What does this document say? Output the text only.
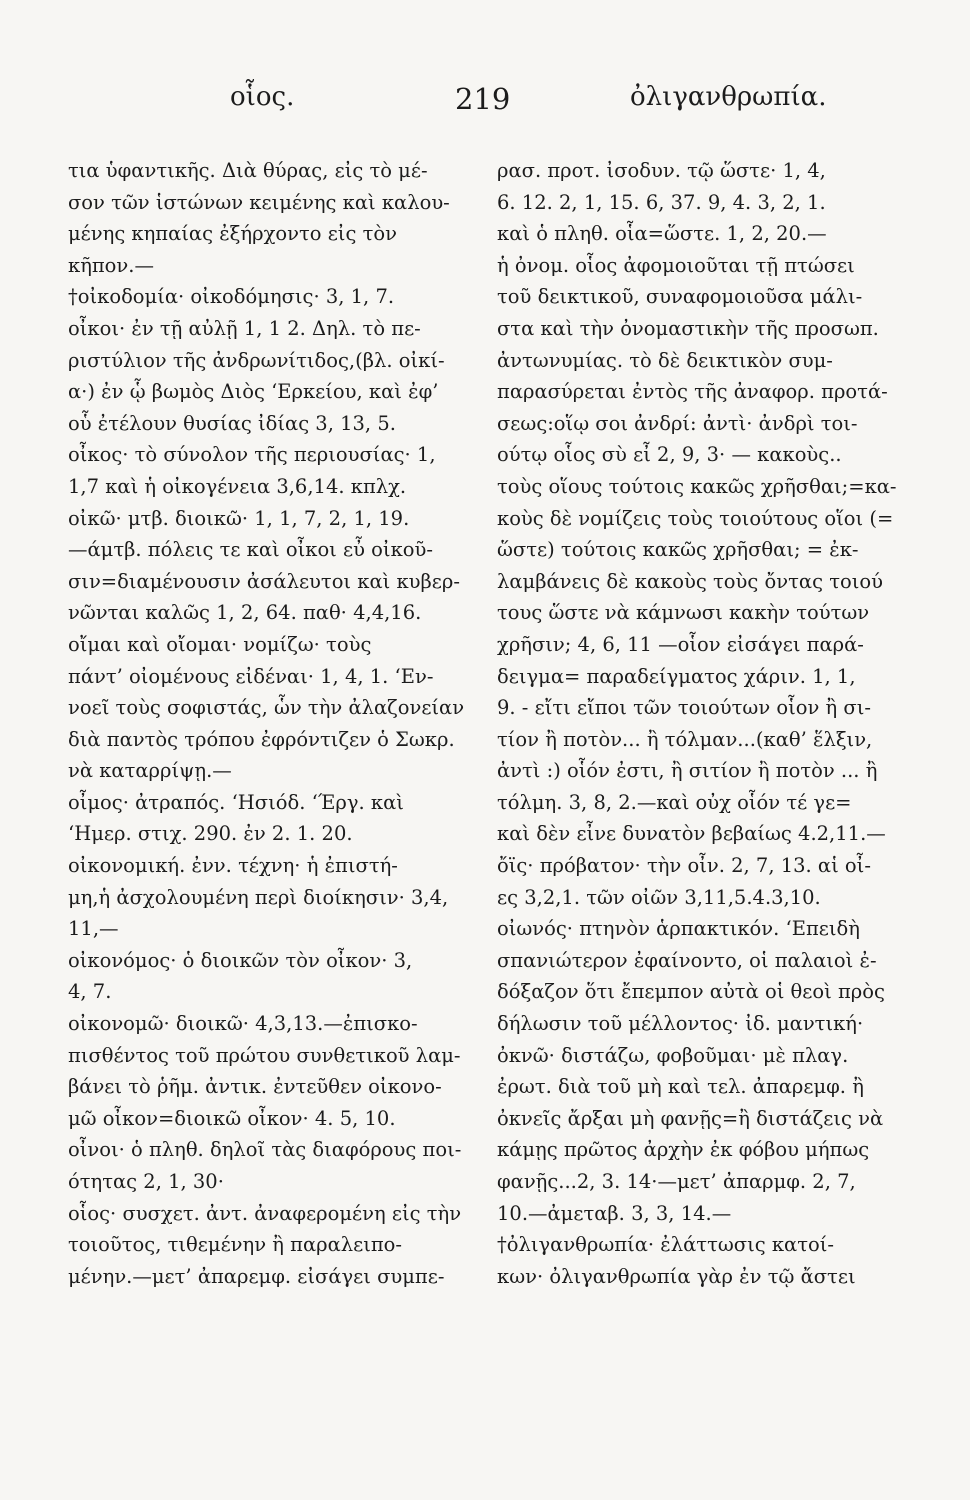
οἷος.	219	ὀλιγανθρωπία.
τια ὑφαντικῆς. Διὰ θύρας, εἰς τὸ μέ-
σον τῶν ἱστώνων κειμένης καὶ καλου-
μένης κηπαίας ἐξήρχοντο εἰς τὸν
κῆπον.—
†οἰκοδομία· οἰκοδόμησις· 3, 1, 7.
οἶκοι· ἐν τῇ αὐλῇ 1, 1 2. Δηλ. τὸ πε-
ριστύλιον τῆς ἀνδρωνίτιδος,(βλ. οἰκί-
α·) ἐν ᾧ βωμὸς Διὸς ‘Ερκείου, καὶ ἐφ’
οὗ ἐτέλουν θυσίας ἰδίας 3, 13, 5.
οἶκος· τὸ σύνολον τῆς περιουσίας· 1,
1,7 καὶ ἡ οἰκογένεια 3,6,14. κπλχ.
οἰκῶ· μτβ. διοικῶ· 1, 1, 7, 2, 1, 19.
—άμτβ. πόλεις τε καὶ οἶκοι εὖ οἰκοῦ-
σιν=διαμένουσιν ἀσάλευτοι καὶ κυβερ-
νῶνται καλῶς 1, 2, 64. παθ· 4,4,16.
οἴμαι καὶ οἴομαι· νομίζω· τοὺς
πάντ’ οἰομένους εἰδέναι· 1, 4, 1. ‘Εν-
νοεῖ τοὺς σοφιστάς, ὧν τὴν ἀλαζονείαν
διὰ παντὸς τρόπου ἐφρόντιζεν ὁ Σωκρ.
νὰ καταρρίψῃ.—
οἶμος· ἀτραπός. ‘Ησιόδ. ‘Έργ. καὶ
‘Ημερ. στιχ. 290. ἐν 2. 1. 20.
οἰκονομική. ἐνν. τέχνη· ἡ ἐπιστή-
μη,ἡ ἀσχολουμένη περὶ διοίκησιν· 3,4,
11,—
οἰκονόμος· ὁ διοικῶν τὸν οἶκον· 3,
4, 7.
οἰκονομῶ· διοικῶ· 4,3,13.—ἐπισκο-
πισθέντος τοῦ πρώτου συνθετικοῦ λαμ-
βάνει τὸ ῥῆμ. ἀντικ. ἐντεῦθεν οἰκονο-
μῶ οἶκον=διοικῶ οἶκον· 4. 5, 10.
οἶνοι· ὁ πληθ. δηλοῖ τὰς διαφόρους ποι-
ότητας 2, 1, 30·
οἷος· συσχετ. ἀντ. ἀναφερομένη εἰς τὴν
τοιοῦτος, τιθεμένην ἢ παραλειπο-
μένην.—μετ’ ἀπαρεμφ. εἰσάγει συμπε-
ρασ. προτ. ἰσοδυν. τῷ ὥστε· 1, 4,
6. 12. 2, 1, 15. 6, 37. 9, 4. 3, 2, 1.
καὶ ὁ πληθ. οἷα=ὥστε. 1, 2, 20.—
ἡ ὀνομ. οἷος ἀφομοιοῦται τῇ πτώσει
τοῦ δεικτικοῦ, συναφομοιοῦσα μάλι-
στα καὶ τὴν ὀνομαστικὴν τῆς προσωπ.
ἀντωνυμίας. τὸ δὲ δεικτικὸν συμ-
παρασύρεται ἐντὸς τῆς ἀναφορ. προτά-
σεως:οἵῳ σοι ἀνδρί: ἀντὶ· ἀνδρὶ τοι-
ούτῳ οἷος σὺ εἶ 2, 9, 3· — κακοὺς..
τοὺς οἵους τούτοις κακῶς χρῆσθαι;=κα-
κοὺς δὲ νομίζεις τοὺς τοιούτους οἵοι (=
ὥστε) τούτοις κακῶς χρῆσθαι; = ἐκ-
λαμβάνεις δὲ κακοὺς τοὺς ὄντας τοιού
τους ὥστε νὰ κάμνωσι κακὴν τούτων
χρῆσιν; 4, 6, 11 —οἷον εἰσάγει παρά-
δειγμα= παραδείγματος χάριν. 1, 1,
9. - εἴτι εἴποι τῶν τοιούτων οἷον ἢ σι-
τίον ἢ ποτὸν... ἢ τόλμαν...(καθ’ ἕλξιν,
ἀντὶ :) οἷόν ἐστι, ἢ σιτίον ἢ ποτὸν ... ἢ
τόλμη. 3, 8, 2.—καὶ οὐχ οἷόν τέ γε=
καὶ δὲν εἶνε δυνατὸν βεβαίως 4.2,11.—
ὄϊς· πρόβατον· τὴν οἶν. 2, 7, 13. αἱ οἶ-
ες 3,2,1. τῶν οἰῶν 3,11,5.4.3,10.
οἰωνός· πτηνὸν ἁρπακτικόν. ‘Επειδὴ
σπανιώτερον ἐφαίνοντο, οἱ παλαιοὶ ἐ-
δόξαζον ὅτι ἔπεμπον αὐτὰ οἱ θεοὶ πρὸς
δήλωσιν τοῦ μέλλοντος· ἰδ. μαντική·
ὀκνῶ· διστάζω, φοβοῦμαι· μὲ πλαγ.
ἐρωτ. διὰ τοῦ μὴ καὶ τελ. ἀπαρεμφ. ἢ
ὀκνεῖς ἄρξαι μὴ φανῇς=ἢ διστάζεις νὰ
κάμῃς πρῶτος ἀρχὴν ἐκ φόβου μήπως
φανῇς...2, 3. 14·—μετ’ ἀπαρμφ. 2, 7,
10.—ἀμεταβ. 3, 3, 14.—
†ὀλιγανθρωπία· ἐλάττωσις κατοί-
κων· ὀλιγανθρωπία γὰρ ἐν τῷ ἄστει
